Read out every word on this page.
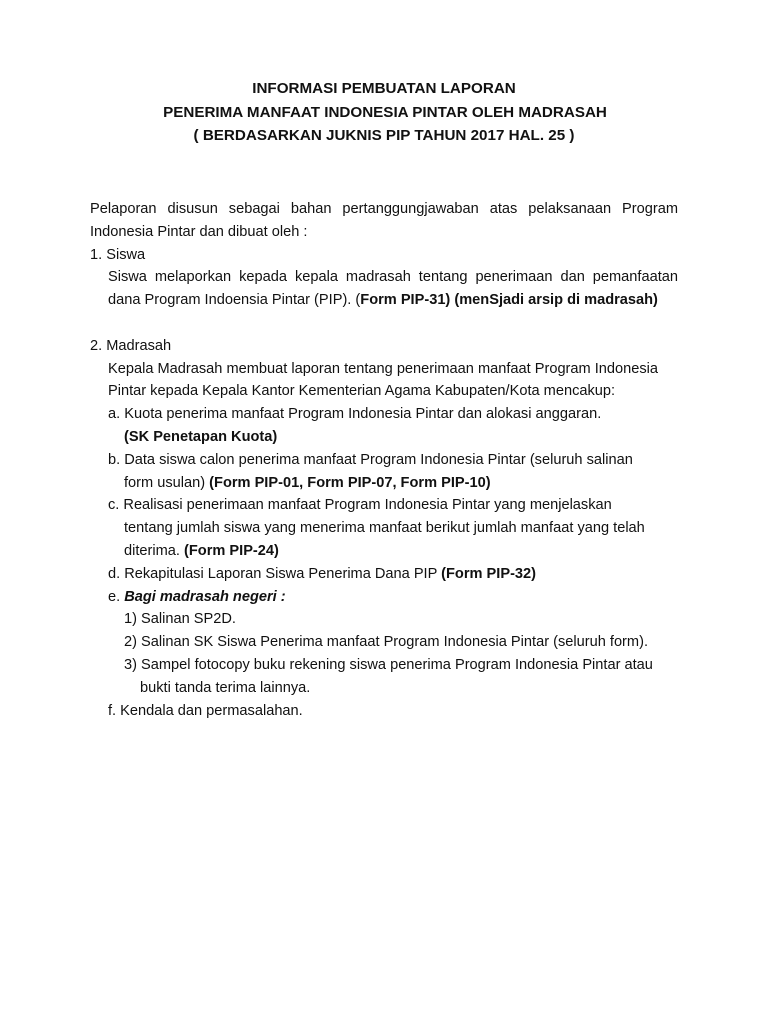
INFORMASI PEMBUATAN LAPORAN
PENERIMA MANFAAT INDONESIA PINTAR OLEH MADRASAH
( BERDASARKAN JUKNIS PIP TAHUN 2017 HAL. 25 )
Pelaporan disusun sebagai bahan pertanggungjawaban atas pelaksanaan Program
Indonesia Pintar dan dibuat oleh :
1. Siswa
Siswa melaporkan kepada kepala madrasah tentang penerimaan dan pemanfaatan
dana Program Indoensia Pintar (PIP). (Form PIP-31) (menSjadi arsip di madrasah)
2. Madrasah
Kepala Madrasah membuat laporan tentang penerimaan manfaat Program Indonesia
Pintar kepada Kepala Kantor Kementerian Agama Kabupaten/Kota mencakup:
a. Kuota penerima manfaat Program Indonesia Pintar dan alokasi anggaran.
(SK Penetapan Kuota)
b. Data siswa calon penerima manfaat Program Indonesia Pintar (seluruh salinan
form usulan) (Form PIP-01, Form PIP-07, Form PIP-10)
c. Realisasi penerimaan manfaat Program Indonesia Pintar yang menjelaskan
tentang jumlah siswa yang menerima manfaat berikut jumlah manfaat yang telah
diterima. (Form PIP-24)
d. Rekapitulasi Laporan Siswa Penerima Dana PIP (Form PIP-32)
e. Bagi madrasah negeri :
1) Salinan SP2D.
2) Salinan SK Siswa Penerima manfaat Program Indonesia Pintar (seluruh form).
3) Sampel fotocopy buku rekening siswa penerima Program Indonesia Pintar atau
bukti tanda terima lainnya.
f. Kendala dan permasalahan.
